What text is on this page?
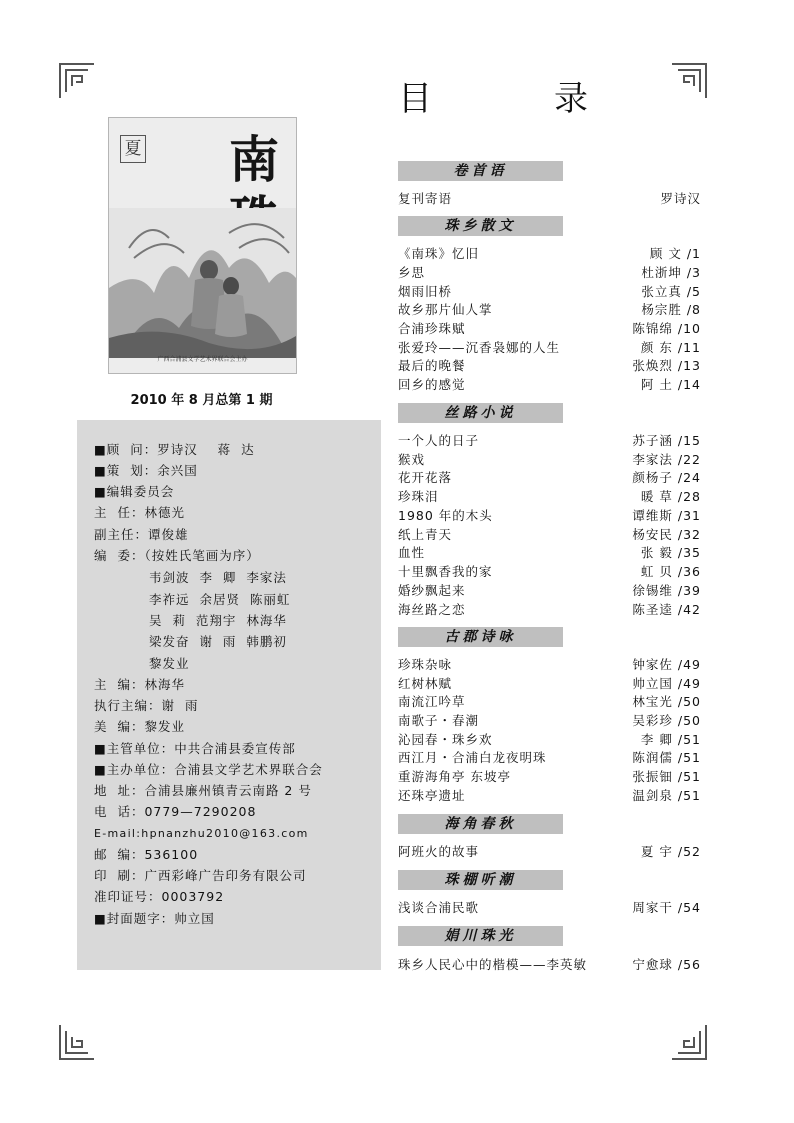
夏 南
广西合浦县文学艺术界联合会主办
2010 年 8 月总第 1 期
■顾  问：罗诗汉    蒋  达
■策  划：余兴国
■编辑委员会
主  任：林德光
副主任：谭俊雄
编  委：（按姓氏笔画为序）
韦剑波  李  卿  李家法
李祚远  余居贤  陈丽虹
吴  莉  范翔宇  林海华
梁发奋  谢  雨  韩鹏初
黎发业
主  编：林海华
执行主编：谢  雨
美  编：黎发业
■主管单位：中共合浦县委宣传部
■主办单位：合浦县文学艺术界联合会
地  址：合浦县廉州镇青云南路 2 号
电  话：0779—7290208
E-mail:hpnanzhu2010@163.com
邮  编：536100
印  刷：广西彩峰广告印务有限公司
准印证号：0003792
■封面题字：帅立国
目	录
卷首语
复刊寄语	罗诗汉
珠乡散文
《南珠》忆旧	顾 文 /1
乡思	杜浙坤 /3
烟雨旧桥	张立真 /5
故乡那片仙人掌	杨宗胜 /8
合浦珍珠赋	陈锦绵 /10
张爱玲——沉香袅娜的人生	颜 东 /11
最后的晚餐	张焕烈 /13
回乡的感觉	阿 土 /14
丝路小说
一个人的日子	苏子涵 /15
猴戏	李家法 /22
花开花落	颜杨子 /24
珍珠泪	暖 草 /28
1980 年的木头	谭维斯 /31
纸上青天	杨安民 /32
血性	张 毅 /35
十里飘香我的家	虹 贝 /36
婚纱飘起来	徐锡维 /39
海丝路之恋	陈圣逵 /42
古郡诗咏
珍珠杂咏	钟家佐 /49
红树林赋	帅立国 /49
南流江吟草	林宝光 /50
南歌子・春潮	吴彩珍 /50
沁园春・珠乡欢	李 卿 /51
西江月・合浦白龙夜明珠	陈润儒 /51
重游海角亭 东坡亭	张振钿 /51
还珠亭遗址	温剑泉 /51
海角春秋
阿班火的故事	夏 宇 /52
珠棚听潮
浅谈合浦民歌	周家干 /54
娟川珠光
珠乡人民心中的楷模——李英敏	宁愈球 /56
